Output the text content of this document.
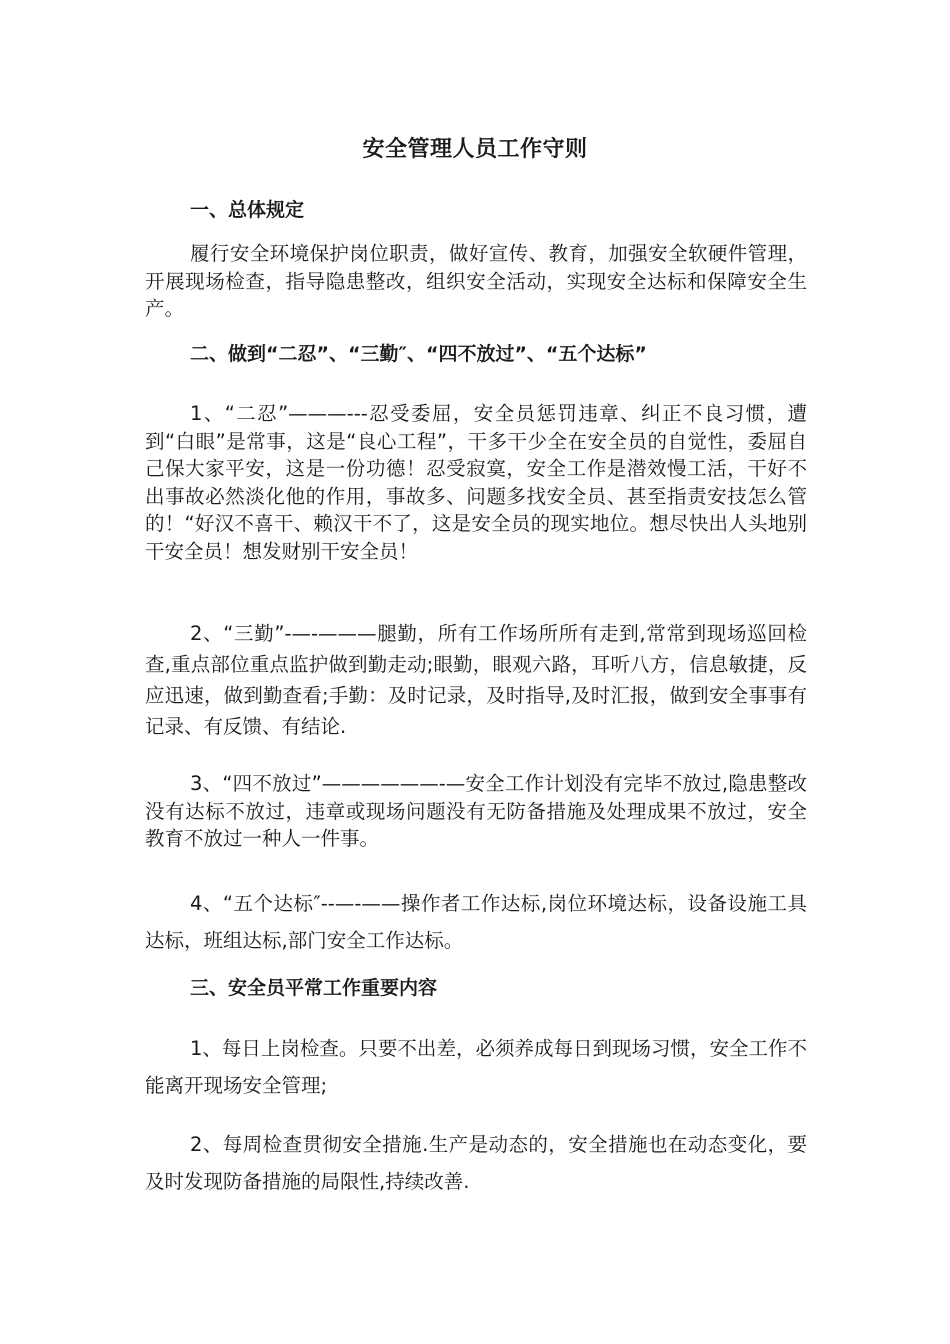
安全管理人员工作守则
一、总体规定

履行安全环境保护岗位职责，做好宣传、教育，加强安全软硬件管理，开展现场检查，指导隐患整改，组织安全活动，实现安全达标和保障安全生产。

二、做到“二忍”、“三勤″、“四不放过”、“五个达标”

1、“二忍”———---忍受委屈，安全员惩罚违章、纠正不良习惯，遭到“白眼”是常事，这是“良心工程”，干多干少全在安全员的自觉性，委屈自己保大家平安，这是一份功德！忍受寂寞，安全工作是潜效慢工活，干好不出事故必然淡化他的作用，事故多、问题多找安全员、甚至指责安技怎么管的！“好汉不喜干、赖汉干不了，这是安全员的现实地位。想尽快出人头地别干安全员！想发财别干安全员！

2、“三勤”-—-———腿勤，所有工作场所所有走到,常常到现场巡回检查,重点部位重点监护做到勤走动;眼勤，眼观六路，耳听八方，信息敏捷，反应迅速，做到勤查看;手勤：及时记录，及时指导,及时汇报，做到安全事事有记录、有反馈、有结论.

3、“四不放过”——————-—安全工作计划没有完毕不放过,隐患整改没有达标不放过，违章或现场问题没有无防备措施及处理成果不放过，安全教育不放过一种人一件事。

4、“五个达标″--—-——操作者工作达标,岗位环境达标，设备设施工具达标，班组达标,部门安全工作达标。

三、安全员平常工作重要内容

1、每日上岗检查。只要不出差，必须养成每日到现场习惯，安全工作不能离开现场安全管理;

2、每周检查贯彻安全措施.生产是动态的，安全措施也在动态变化，要及时发现防备措施的局限性,持续改善.
